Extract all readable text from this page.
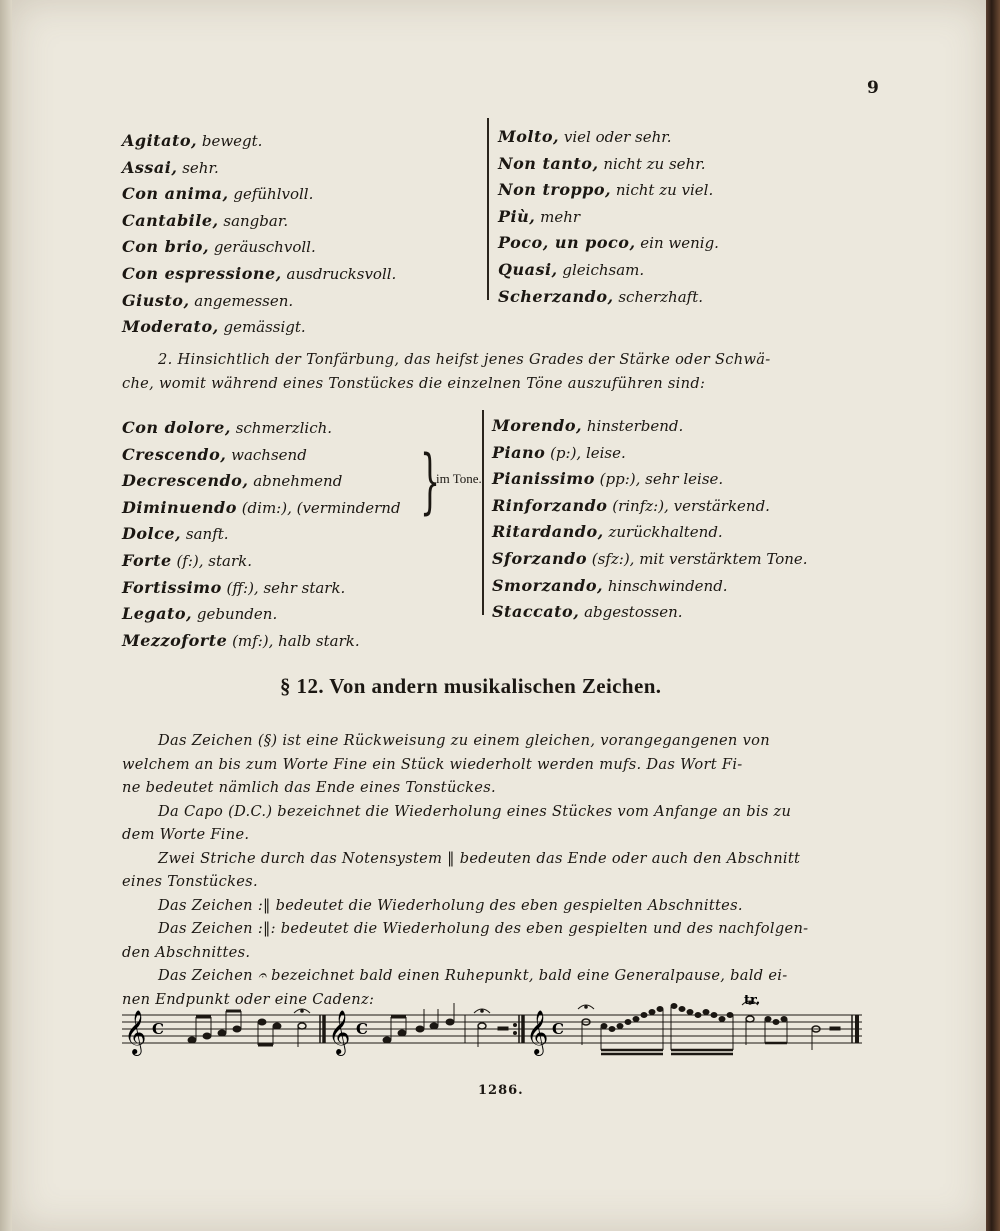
9
Agitato, bewegt.
Assai, sehr.
Con anima, gefühlvoll.
Cantabile, sangbar.
Con brio, geräuschvoll.
Con espressione, ausdrucksvoll.
Giusto, angemessen.
Moderato, gemässigt.
Molto, viel oder sehr.
Non tanto, nicht zu sehr.
Non troppo, nicht zu viel.
Più, mehr
Poco, un poco, ein wenig.
Quasi, gleichsam.
Scherzando, scherzhaft.

2. Hinsichtlich der Tonfärbung, das heifst jenes Grades der Stärke oder Schwä-

che, womit während eines Tonstückes die einzelnen Töne auszuführen sind:

Con dolore, schmerzlich.
Crescendo, wachsend
Decrescendo, abnehmend
Diminuendo (dim:), (vermindernd
Dolce, sanft.
Forte (f:), stark.
Fortissimo (ff:), sehr stark.
Legato, gebunden.
Mezzoforte (mf:), halb stark.
}
im Tone.
Morendo, hinsterbend.
Piano (p:), leise.
Pianissimo (pp:), sehr leise.
Rinforzando (rinfz:), verstärkend.
Ritardando, zurückhaltend.
Sforzando (sfz:), mit verstärktem Tone.
Smorzando, hinschwindend.
Staccato, abgestossen.
§ 12. Von andern musikalischen Zeichen.

Das Zeichen (§) ist eine Rückweisung zu einem gleichen, vorangegangenen von

welchem an bis zum Worte Fine ein Stück wiederholt werden mufs. Das Wort Fi-

ne bedeutet nämlich das Ende eines Tonstückes.

Da Capo (D.C.) bezeichnet die Wiederholung eines Stückes vom Anfange an bis zu

dem Worte Fine.

Zwei Striche durch das Notensystem ‖ bedeuten das Ende oder auch den Abschnitt

eines Tonstückes.

Das Zeichen :‖ bedeutet die Wiederholung des eben gespielten Abschnittes.

Das Zeichen :‖: bedeutet die Wiederholung des eben gespielten und des nachfolgen-

den Abschnittes.

Das Zeichen 𝄐 bezeichnet bald einen Ruhepunkt, bald eine Generalpause, bald ei-

nen Endpunkt oder eine Cadenz:

𝄞 C	𝄞 C	𝄞 C
tr.
1286.
